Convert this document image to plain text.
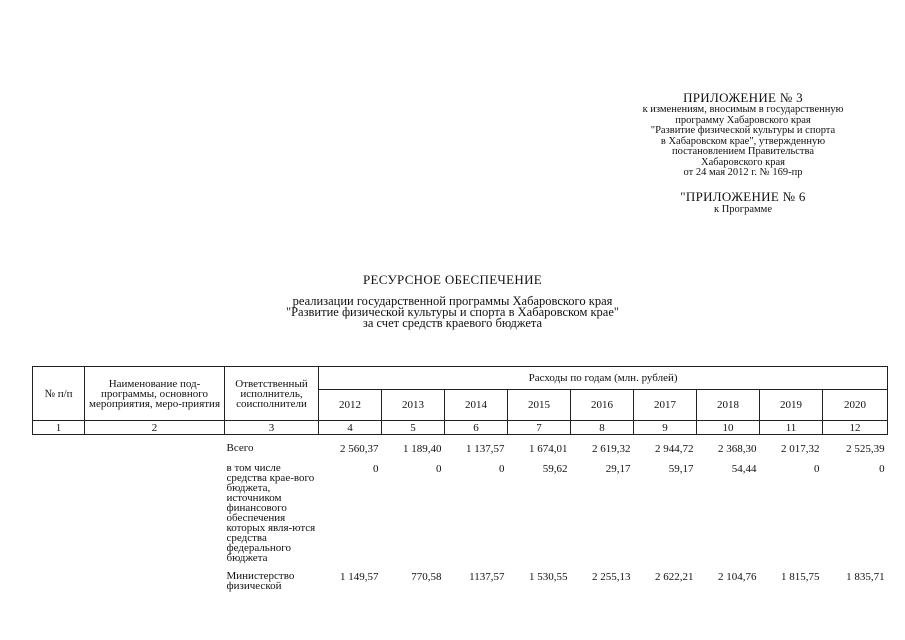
ПРИЛОЖЕНИЕ № 3
к изменениям, вносимым в государственную
программу Хабаровского края
"Развитие физической культуры и спорта
в Хабаровском крае", утвержденную
постановлением Правительства
Хабаровского края
от 24 мая 2012 г. № 169-пр
"ПРИЛОЖЕНИЕ № 6
к Программе
РЕСУРСНОЕ ОБЕСПЕЧЕНИЕ
реализации государственной программы Хабаровского края
"Развитие физической культуры и спорта в Хабаровском крае"
за счет средств краевого бюджета
№ п/п	Наименование под-программы, основного мероприятия, меро-приятия	Ответственный исполнитель, соисполнители	Расходы по годам (млн. рублей)								
			2012	2013	2014	2015	2016	2017	2018	2019	2020
1	2	3	4	5	6	7	8	9	10	11	12

		Всего	2 560,37	1 189,40	1 137,57	1 674,01	2 619,32	2 944,72	2 368,30	2 017,32	2 525,39

		в том числе средства крае-вого бюджета, источником финансового обеспечения которых явля-ются средства федерального бюджета	0	0	0	59,62	29,17	59,17	54,44	0	0

		Министерство физической	1 149,57	770,58	1137,57	1 530,55	2 255,13	2 622,21	2 104,76	1 815,75	1 835,71
